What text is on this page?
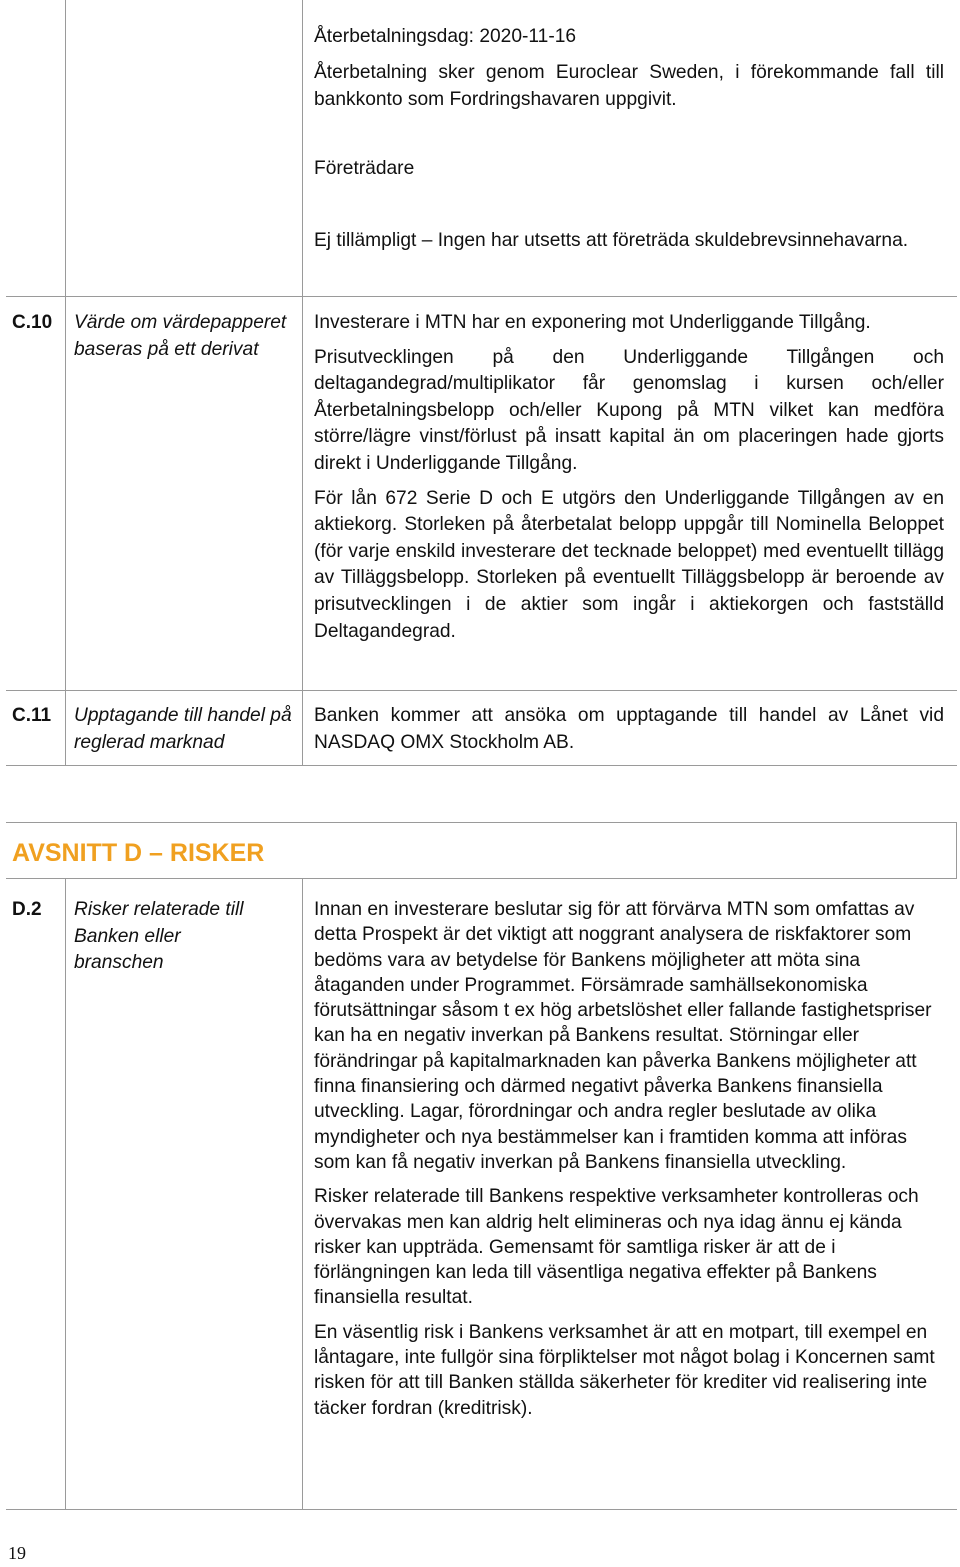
Återbetalningsdag: 2020-11-16
Återbetalning sker genom Euroclear Sweden, i förekommande fall till bankkonto som Fordringshavaren uppgivit.
Företrädare
Ej tillämpligt – Ingen har utsetts att företräda skuldebrevsinnehavarna.
C.10 Värde om värdepapperet baseras på ett derivat

Investerare i MTN har en exponering mot Underliggande Tillgång.

Prisutvecklingen på den Underliggande Tillgången och deltagandegrad/multiplikator får genomslag i kursen och/eller Återbetalningsbelopp och/eller Kupong på MTN vilket kan medföra större/lägre vinst/förlust på insatt kapital än om placeringen hade gjorts direkt i Underliggande Tillgång.

För lån 672 Serie D och E utgörs den Underliggande Tillgången av en aktiekorg. Storleken på återbetalat belopp uppgår till Nominella Beloppet (för varje enskild investerare det tecknade beloppet) med eventuellt tillägg av Tilläggsbelopp. Storleken på eventuellt Tilläggsbelopp är beroende av prisutvecklingen i de aktier som ingår i aktiekorgen och fastställd Deltagandegrad.

C.11 Upptagande till handel på reglerad marknad
Banken kommer att ansöka om upptagande till handel av Lånet vid NASDAQ OMX Stockholm AB.
AVSNITT D – RISKER
D.2 Risker relaterade till Banken eller branschen

Innan en investerare beslutar sig för att förvärva MTN som omfattas av detta Prospekt är det viktigt att noggrant analysera de riskfaktorer som bedöms vara av betydelse för Bankens möjligheter att möta sina åtaganden under Programmet. Försämrade samhällsekonomiska förutsättningar såsom t ex hög arbetslöshet eller fallande fastighetspriser kan ha en negativ inverkan på Bankens resultat. Störningar eller förändringar på kapitalmarknaden kan påverka Bankens möjligheter att finna finansiering och därmed negativt påverka Bankens finansiella utveckling. Lagar, förordningar och andra regler beslutade av olika myndigheter och nya bestämmelser kan i framtiden komma att införas som kan få negativ inverkan på Bankens finansiella utveckling.

Risker relaterade till Bankens respektive verksamheter kontrolleras och övervakas men kan aldrig helt elimineras och nya idag ännu ej kända risker kan uppträda. Gemensamt för samtliga risker är att de i förlängningen kan leda till väsentliga negativa effekter på Bankens finansiella resultat.

En väsentlig risk i Bankens verksamhet är att en motpart, till exempel en låntagare, inte fullgör sina förpliktelser mot något bolag i Koncernen samt risken för att till Banken ställda säkerheter för krediter vid realisering inte täcker fordran (kreditrisk).

19
